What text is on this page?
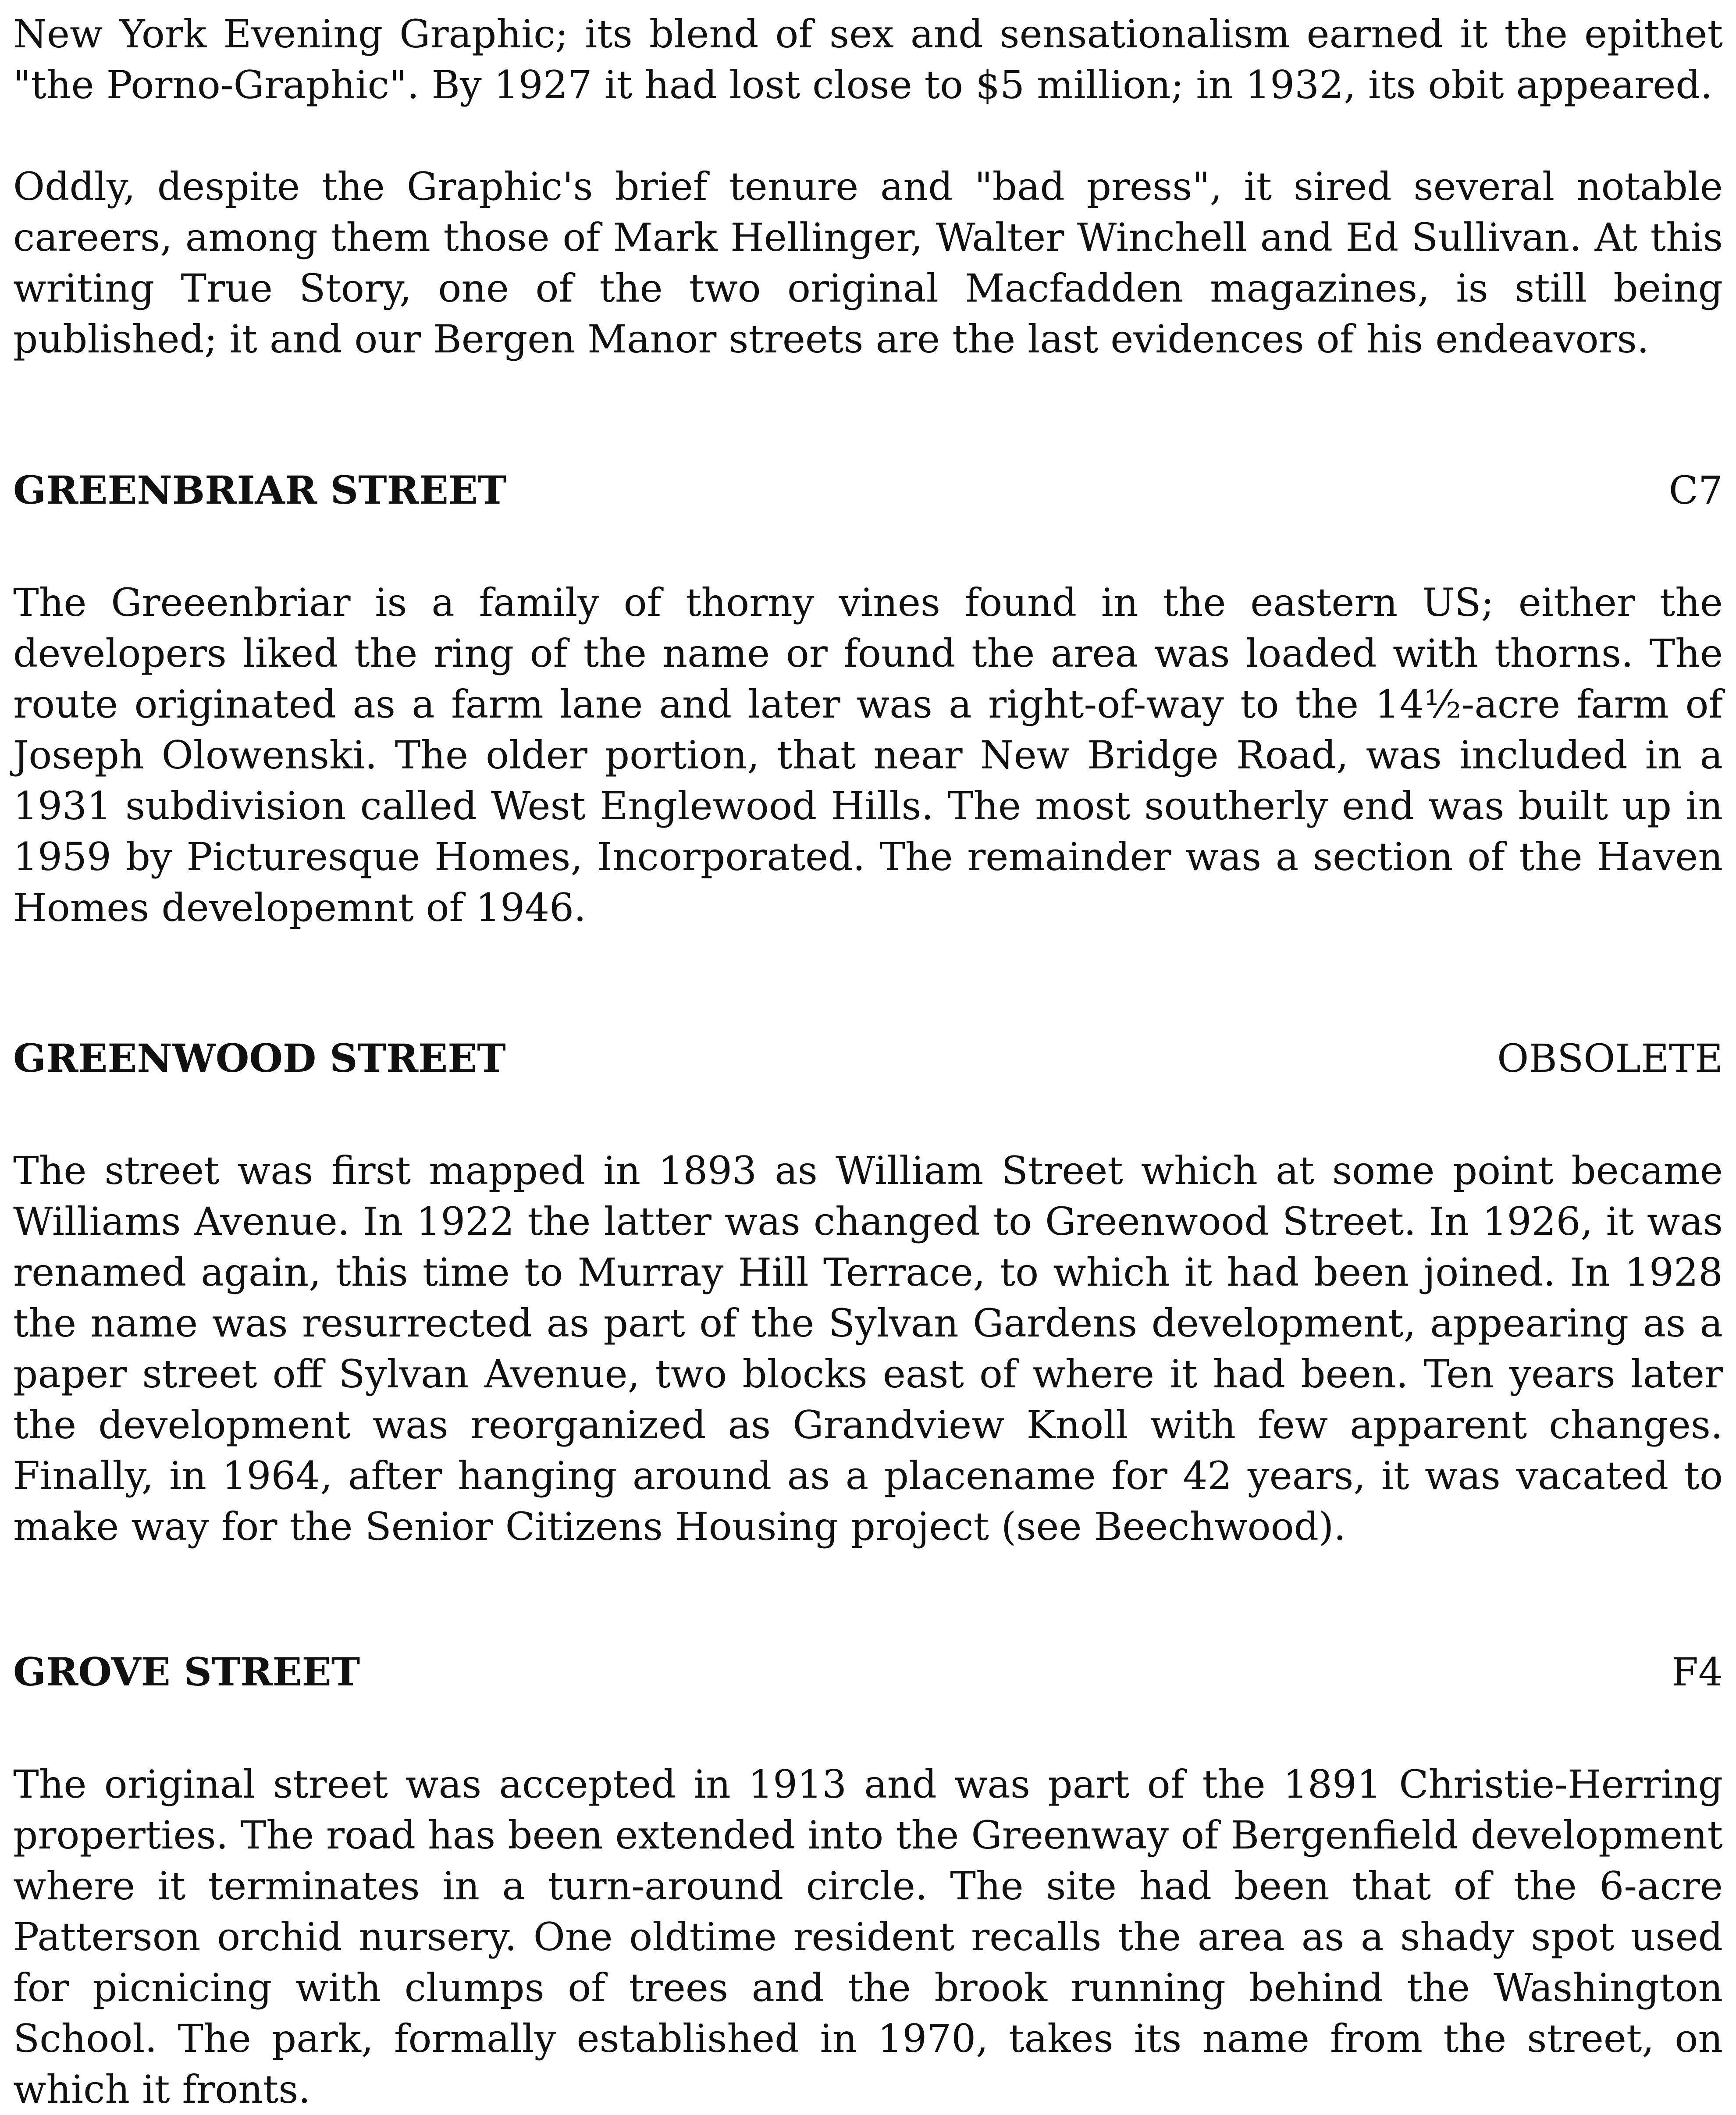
New York Evening Graphic; its blend of sex and sensationalism earned it the epithet "the Porno-Graphic". By 1927 it had lost close to $5 million; in 1932, its obit appeared.

Oddly, despite the Graphic's brief tenure and "bad press", it sired several notable careers, among them those of Mark Hellinger, Walter Winchell and Ed Sullivan. At this writing True Story, one of the two original Macfadden magazines, is still being published; it and our Bergen Manor streets are the last evidences of his endeavors.

GREENBRIAR STREET	C7

The Greeenbriar is a family of thorny vines found in the eastern US; either the developers liked the ring of the name or found the area was loaded with thorns. The route originated as a farm lane and later was a right-of-way to the 14½-acre farm of Joseph Olowenski. The older portion, that near New Bridge Road, was included in a 1931 subdivision called West Englewood Hills. The most southerly end was built up in 1959 by Picturesque Homes, Incorporated. The remainder was a section of the Haven Homes developemnt of 1946.

GREENWOOD STREET	OBSOLETE

The street was first mapped in 1893 as William Street which at some point became Williams Avenue. In 1922 the latter was changed to Greenwood Street. In 1926, it was renamed again, this time to Murray Hill Terrace, to which it had been joined. In 1928 the name was resurrected as part of the Sylvan Gardens development, appearing as a paper street off Sylvan Avenue, two blocks east of where it had been. Ten years later the development was reorganized as Grandview Knoll with few apparent changes. Finally, in 1964, after hanging around as a placename for 42 years, it was vacated to make way for the Senior Citizens Housing project (see Beechwood).

GROVE STREET	F4

The original street was accepted in 1913 and was part of the 1891 Christie-Herring properties. The road has been extended into the Greenway of Bergenfield development where it terminates in a turn-around circle. The site had been that of the 6-acre Patterson orchid nursery. One oldtime resident recalls the area as a shady spot used for picnicing with clumps of trees and the brook running behind the Washington School. The park, formally established in 1970, takes its name from the street, on which it fronts.
